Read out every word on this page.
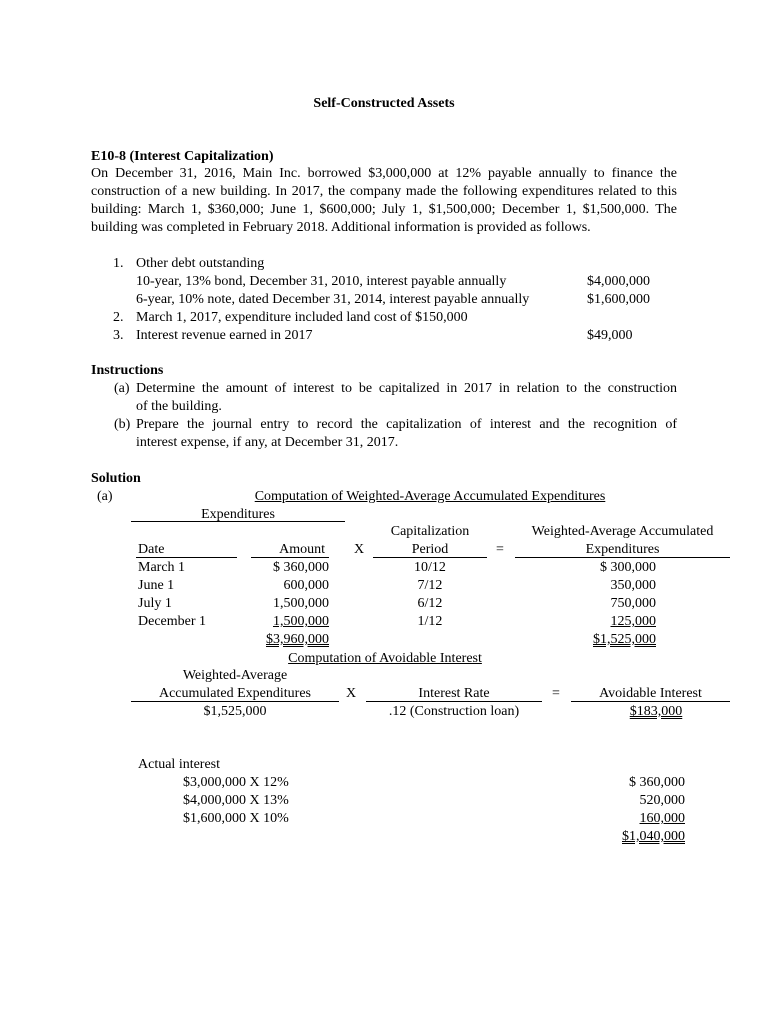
Self-Constructed Assets
E10-8 (Interest Capitalization)
On December 31, 2016, Main Inc. borrowed $3,000,000 at 12% payable annually to finance the construction of a new building. In 2017, the company made the following expenditures related to this building: March 1, $360,000; June 1, $600,000; July 1, $1,500,000; December 1, $1,500,000. The building was completed in February 2018. Additional information is provided as follows.
1. Other debt outstanding
10-year, 13% bond, December 31, 2010, interest payable annually	$4,000,000
6-year, 10% note, dated December 31, 2014, interest payable annually	$1,600,000
2. March 1, 2017, expenditure included land cost of $150,000
3. Interest revenue earned in 2017	$49,000
Instructions
(a) Determine the amount of interest to be capitalized in 2017 in relation to the construction
of the building.
(b) Prepare the journal entry to record the capitalization of interest and the recognition of
interest expense, if any, at December 31, 2017.
Solution
(a)	Computation of Weighted-Average Accumulated Expenditures
Expenditures
Capitalization	Weighted-Average Accumulated
Date	Amount X	Period	=	Expenditures
March 1	$ 360,000	10/12	$ 300,000
June 1	600,000	7/12	350,000
July 1	1,500,000	6/12	750,000
December 1	1,500,000	1/12	125,000
$3,960,000	$1,525,000
Computation of Avoidable Interest
Weighted-Average
Accumulated Expenditures	X	Interest Rate	=	Avoidable Interest
$1,525,000	.12 (Construction loan)	$183,000
Actual interest
$3,000,000 X 12%	$ 360,000
$4,000,000 X 13%	520,000
$1,600,000 X 10%	160,000
$1,040,000
